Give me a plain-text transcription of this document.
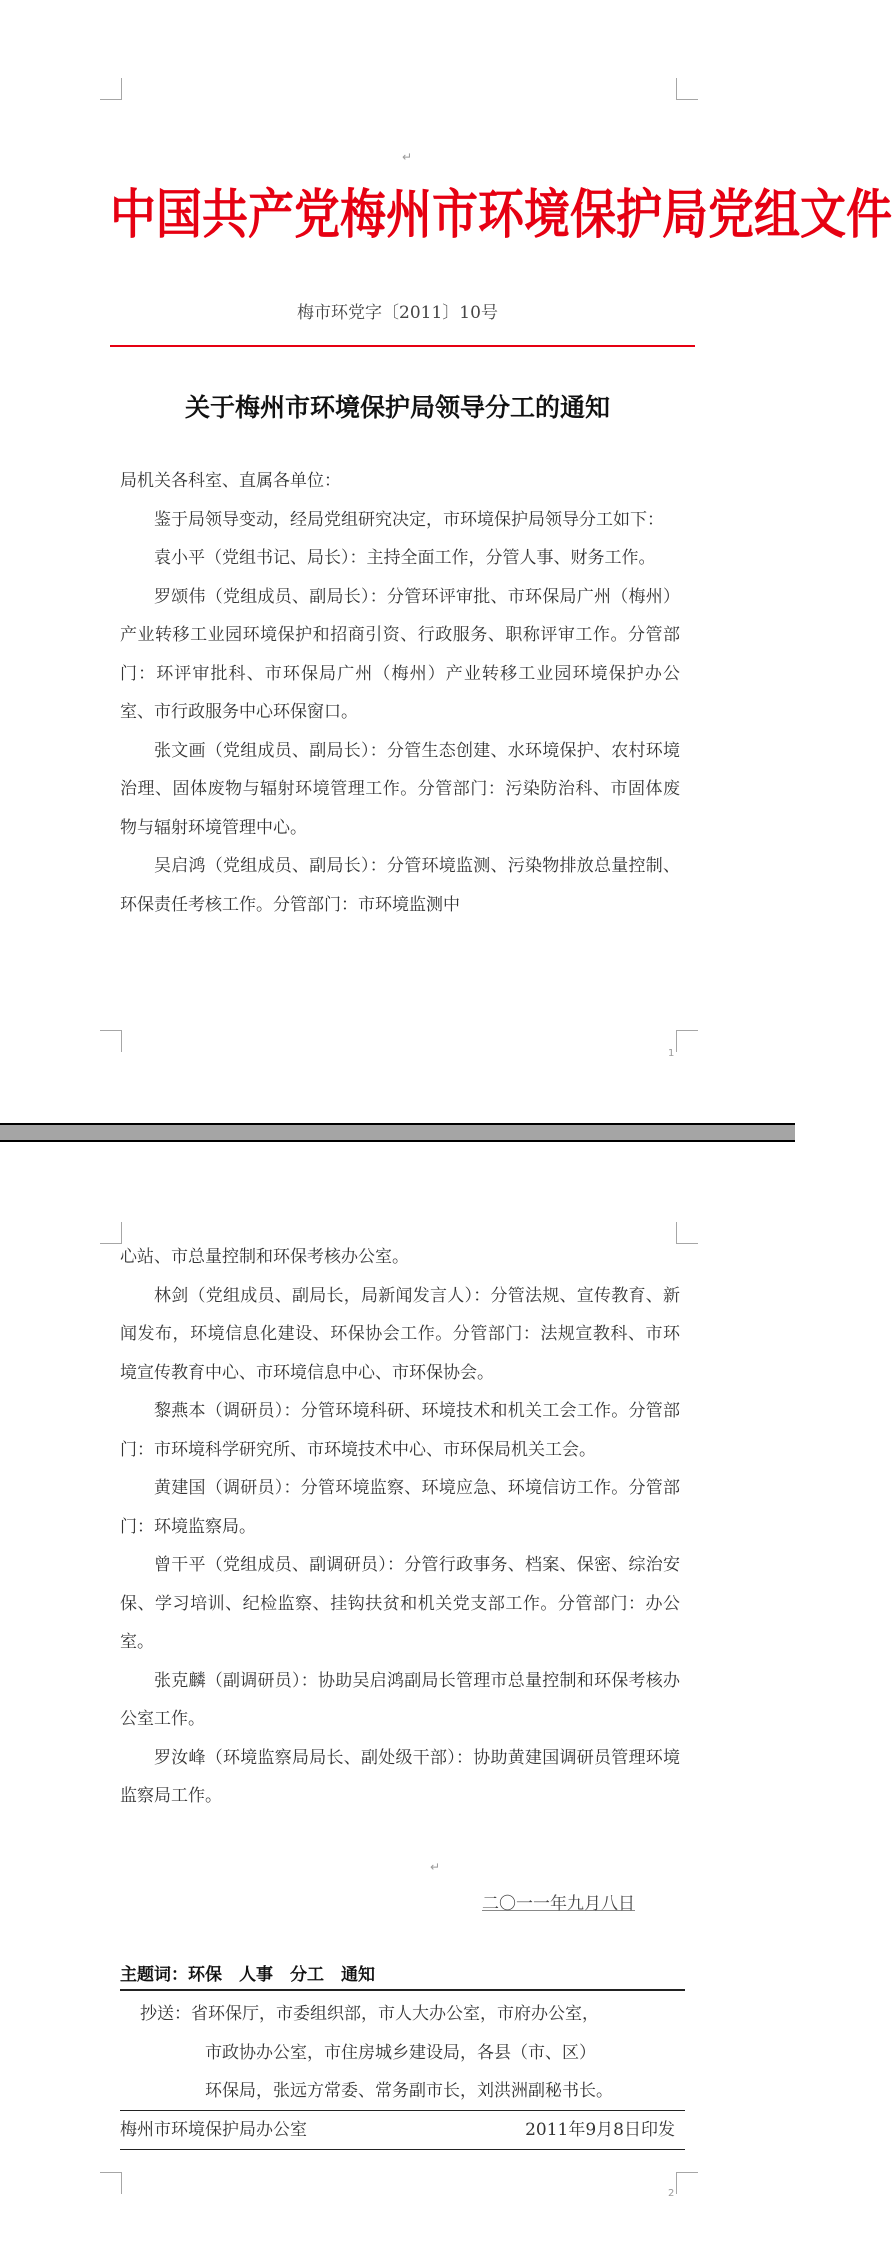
↵
中国共产党梅州市环境保护局党组文件
梅市环党字〔2011〕10号
关于梅州市环境保护局领导分工的通知

局机关各科室、直属各单位：

鉴于局领导变动，经局党组研究决定，市环境保护局领导分工如下：

袁小平（党组书记、局长）：主持全面工作，分管人事、财务工作。

罗颂伟（党组成员、副局长）：分管环评审批、市环保局广州（梅州）产业转移工业园环境保护和招商引资、行政服务、职称评审工作。分管部门：环评审批科、市环保局广州（梅州）产业转移工业园环境保护办公室、市行政服务中心环保窗口。

张文画（党组成员、副局长）：分管生态创建、水环境保护、农村环境治理、固体废物与辐射环境管理工作。分管部门：污染防治科、市固体废物与辐射环境管理中心。

吴启鸿（党组成员、副局长）：分管环境监测、污染物排放总量控制、环保责任考核工作。分管部门：市环境监测中

1

心站、市总量控制和环保考核办公室。

林剑（党组成员、副局长，局新闻发言人）：分管法规、宣传教育、新闻发布，环境信息化建设、环保协会工作。分管部门：法规宣教科、市环境宣传教育中心、市环境信息中心、市环保协会。

黎燕本（调研员）：分管环境科研、环境技术和机关工会工作。分管部门：市环境科学研究所、市环境技术中心、市环保局机关工会。

黄建国（调研员）：分管环境监察、环境应急、环境信访工作。分管部门：环境监察局。

曾干平（党组成员、副调研员）：分管行政事务、档案、保密、综治安保、学习培训、纪检监察、挂钩扶贫和机关党支部工作。分管部门：办公室。

张克麟（副调研员）：协助吴启鸿副局长管理市总量控制和环保考核办公室工作。

罗汝峰（环境监察局局长、副处级干部）：协助黄建国调研员管理环境监察局工作。

↵
二〇一一年九月八日
主题词：环保　人事　分工　通知
抄送：省环保厅，市委组织部，市人大办公室，市府办公室，
市政协办公室，市住房城乡建设局，各县（市、区）
环保局，张远方常委、常务副市长，刘洪洲副秘书长。
梅州市环境保护局办公室	2011年9月8日印发

2
